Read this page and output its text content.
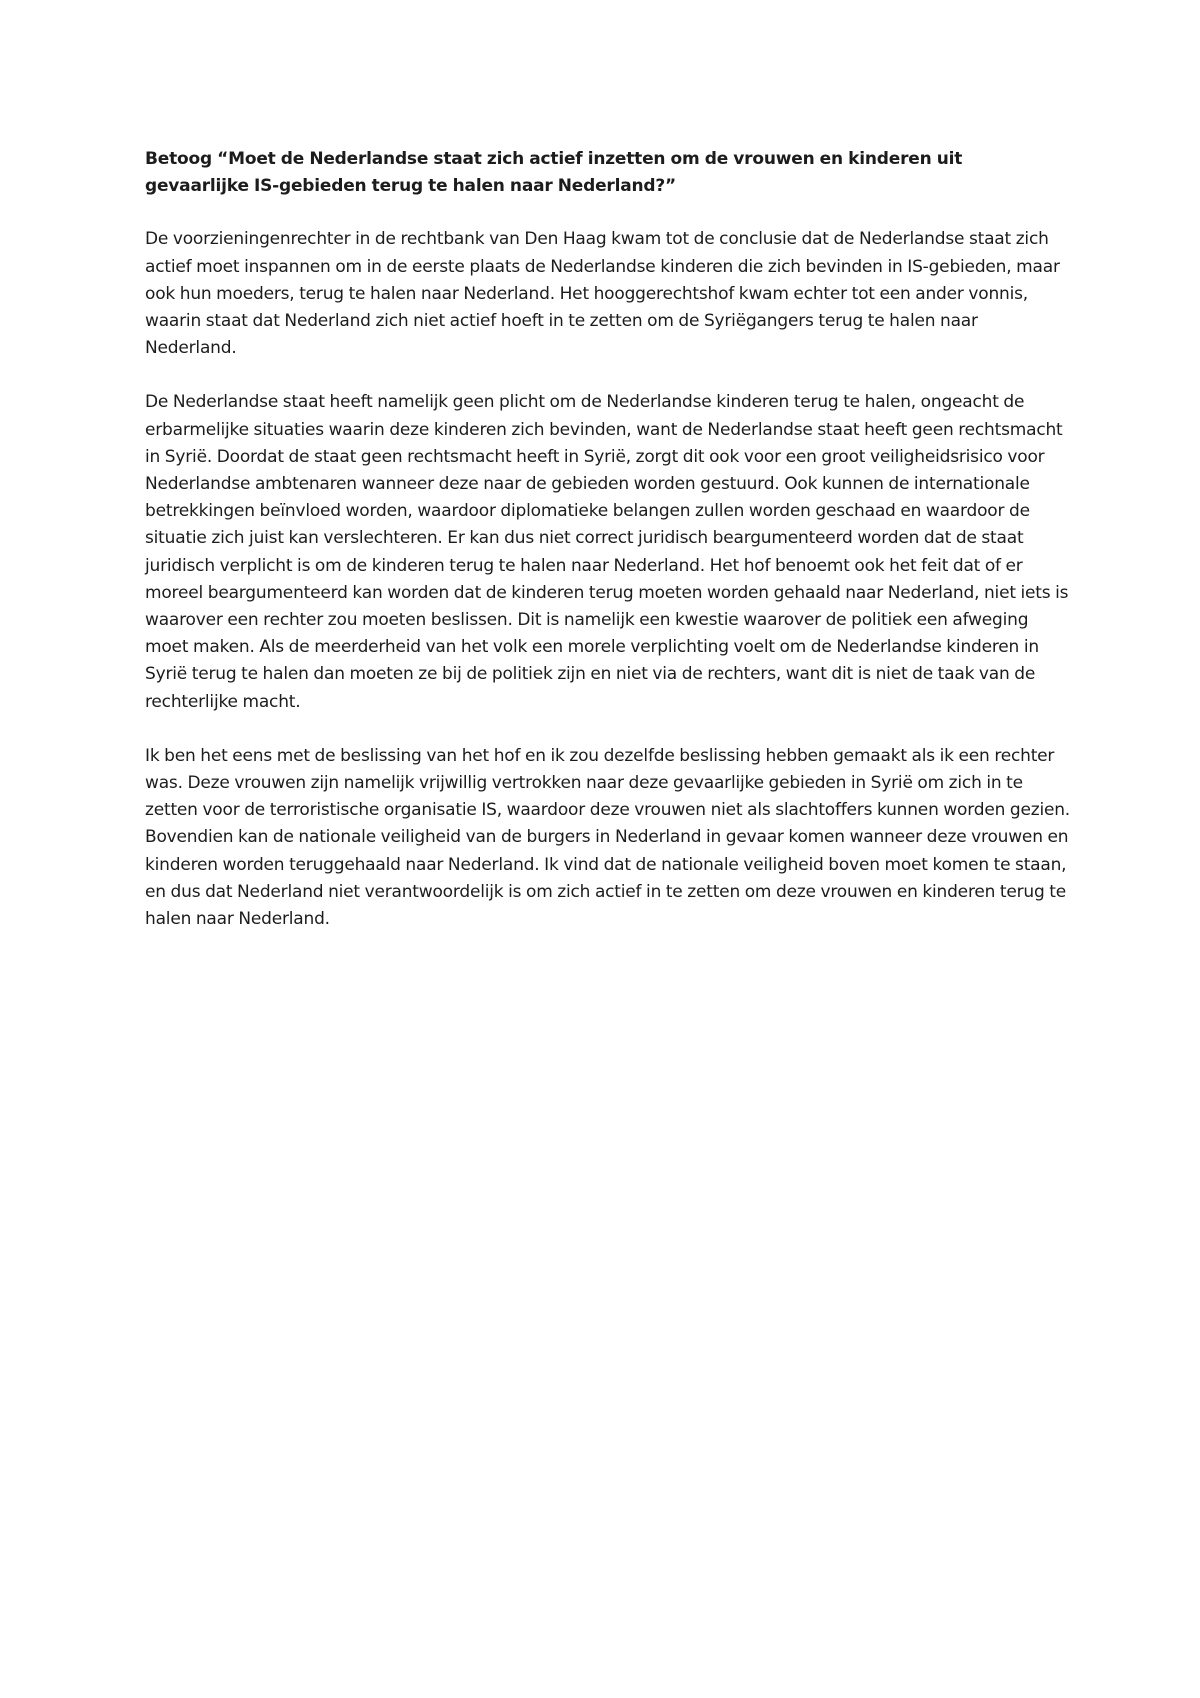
Betoog “Moet de Nederlandse staat zich actief inzetten om de vrouwen en kinderen uit gevaarlijke IS-gebieden terug te halen naar Nederland?”

De voorzieningenrechter in de rechtbank van Den Haag kwam tot de conclusie dat de Nederlandse staat zich actief moet inspannen om in de eerste plaats de Nederlandse kinderen die zich bevinden in IS-gebieden, maar ook hun moeders, terug te halen naar Nederland. Het hooggerechtshof kwam echter tot een ander vonnis, waarin staat dat Nederland zich niet actief hoeft in te zetten om de Syriëgangers terug te halen naar Nederland.

De Nederlandse staat heeft namelijk geen plicht om de Nederlandse kinderen terug te halen, ongeacht de erbarmelijke situaties waarin deze kinderen zich bevinden, want de Nederlandse staat heeft geen rechtsmacht in Syrië. Doordat de staat geen rechtsmacht heeft in Syrië, zorgt dit ook voor een groot veiligheidsrisico voor Nederlandse ambtenaren wanneer deze naar de gebieden worden gestuurd. Ook kunnen de internationale betrekkingen beïnvloed worden, waardoor diplomatieke belangen zullen worden geschaad en waardoor de situatie zich juist kan verslechteren. Er kan dus niet correct juridisch beargumenteerd worden dat de staat juridisch verplicht is om de kinderen terug te halen naar Nederland. Het hof benoemt ook het feit dat of er moreel beargumenteerd kan worden dat de kinderen terug moeten worden gehaald naar Nederland, niet iets is waarover een rechter zou moeten beslissen. Dit is namelijk een kwestie waarover de politiek een afweging moet maken. Als de meerderheid van het volk een morele verplichting voelt om de Nederlandse kinderen in Syrië terug te halen dan moeten ze bij de politiek zijn en niet via de rechters, want dit is niet de taak van de rechterlijke macht.

Ik ben het eens met de beslissing van het hof en ik zou dezelfde beslissing hebben gemaakt als ik een rechter was. Deze vrouwen zijn namelijk vrijwillig vertrokken naar deze gevaarlijke gebieden in Syrië om zich in te zetten voor de terroristische organisatie IS, waardoor deze vrouwen niet als slachtoffers kunnen worden gezien. Bovendien kan de nationale veiligheid van de burgers in Nederland in gevaar komen wanneer deze vrouwen en kinderen worden teruggehaald naar Nederland. Ik vind dat de nationale veiligheid boven moet komen te staan, en dus dat Nederland niet verantwoordelijk is om zich actief in te zetten om deze vrouwen en kinderen terug te halen naar Nederland.
